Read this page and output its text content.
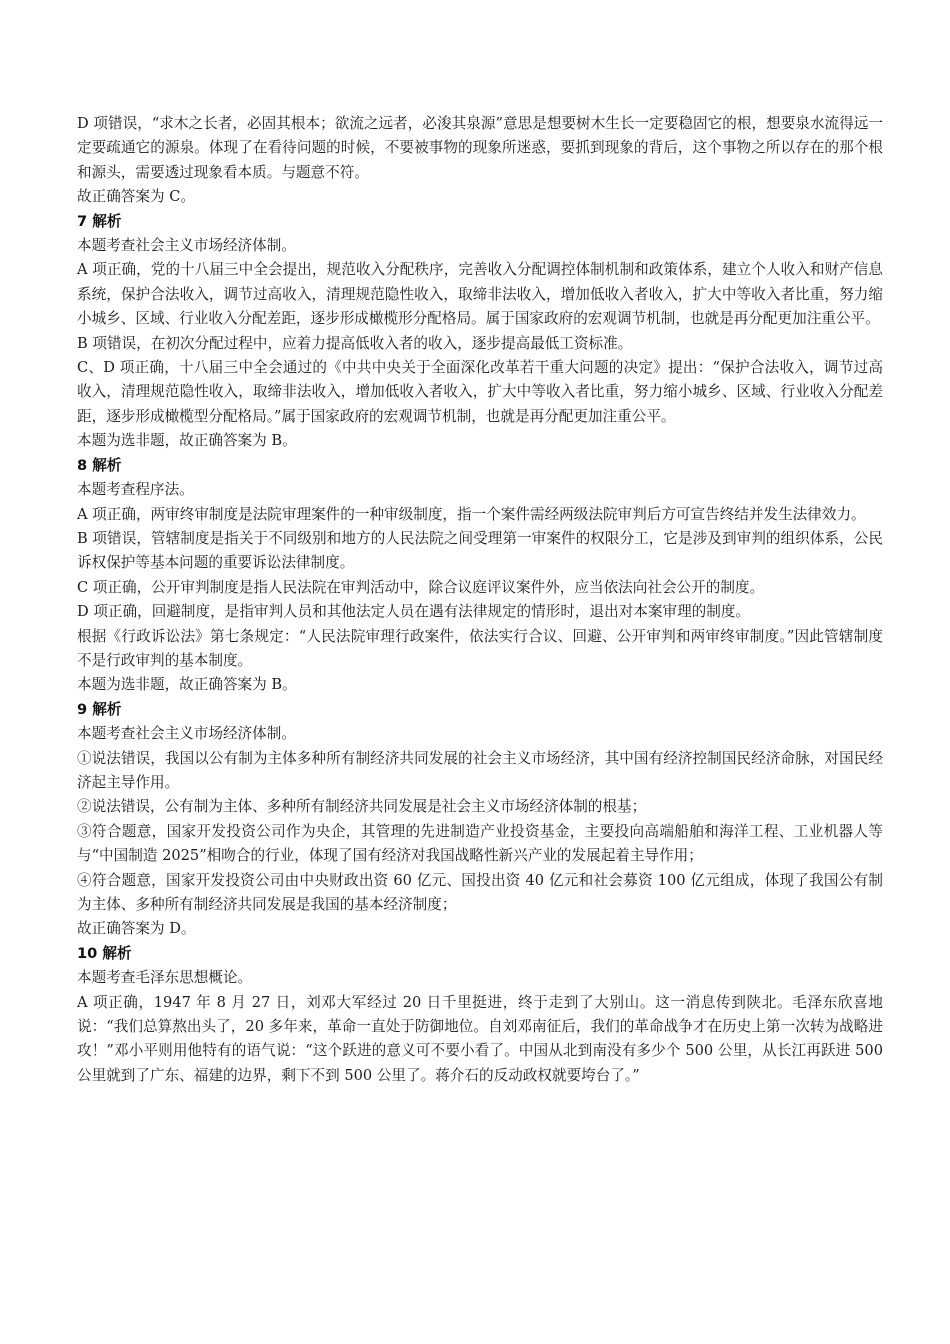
D 项错误，“求木之长者，必固其根本；欲流之远者，必浚其泉源”意思是想要树木生长一定要稳固它的根，想要泉水流得远一定要疏通它的源泉。体现了在看待问题的时候，不要被事物的现象所迷惑，要抓到现象的背后，这个事物之所以存在的那个根和源头，需要透过现象看本质。与题意不符。

故正确答案为 C。

7 解析

本题考查社会主义市场经济体制。

A 项正确，党的十八届三中全会提出，规范收入分配秩序，完善收入分配调控体制机制和政策体系，建立个人收入和财产信息系统，保护合法收入，调节过高收入，清理规范隐性收入，取缔非法收入，增加低收入者收入，扩大中等收入者比重，努力缩小城乡、区域、行业收入分配差距，逐步形成橄榄形分配格局。属于国家政府的宏观调节机制，也就是再分配更加注重公平。

B 项错误，在初次分配过程中，应着力提高低收入者的收入，逐步提高最低工资标准。

C、D 项正确，十八届三中全会通过的《中共中央关于全面深化改革若干重大问题的决定》提出：“保护合法收入，调节过高收入，清理规范隐性收入，取缔非法收入，增加低收入者收入，扩大中等收入者比重，努力缩小城乡、区域、行业收入分配差距，逐步形成橄榄型分配格局。”属于国家政府的宏观调节机制，也就是再分配更加注重公平。

本题为选非题，故正确答案为 B。

8 解析

本题考查程序法。

A 项正确，两审终审制度是法院审理案件的一种审级制度，指一个案件需经两级法院审判后方可宣告终结并发生法律效力。

B 项错误，管辖制度是指关于不同级别和地方的人民法院之间受理第一审案件的权限分工，它是涉及到审判的组织体系，公民诉权保护等基本问题的重要诉讼法律制度。

C 项正确，公开审判制度是指人民法院在审判活动中，除合议庭评议案件外，应当依法向社会公开的制度。

D 项正确，回避制度，是指审判人员和其他法定人员在遇有法律规定的情形时，退出对本案审理的制度。

根据《行政诉讼法》第七条规定：“人民法院审理行政案件，依法实行合议、回避、公开审判和两审终审制度。”因此管辖制度不是行政审判的基本制度。

本题为选非题，故正确答案为 B。

9 解析

本题考查社会主义市场经济体制。

①说法错误，我国以公有制为主体多种所有制经济共同发展的社会主义市场经济，其中国有经济控制国民经济命脉，对国民经济起主导作用。

②说法错误，公有制为主体、多种所有制经济共同发展是社会主义市场经济体制的根基；

③符合题意，国家开发投资公司作为央企，其管理的先进制造产业投资基金，主要投向高端船舶和海洋工程、工业机器人等与“中国制造 2025”相吻合的行业，体现了国有经济对我国战略性新兴产业的发展起着主导作用；

④符合题意，国家开发投资公司由中央财政出资 60 亿元、国投出资 40 亿元和社会募资 100 亿元组成，体现了我国公有制为主体、多种所有制经济共同发展是我国的基本经济制度；

故正确答案为 D。

10 解析

本题考查毛泽东思想概论。

A 项正确，1947 年 8 月 27 日，刘邓大军经过 20 日千里挺进，终于走到了大别山。这一消息传到陕北。毛泽东欣喜地说：“我们总算熬出头了，20 多年来，革命一直处于防御地位。自刘邓南征后，我们的革命战争才在历史上第一次转为战略进攻！”邓小平则用他特有的语气说：“这个跃进的意义可不要小看了。中国从北到南没有多少个 500 公里，从长江再跃进 500 公里就到了广东、福建的边界，剩下不到 500 公里了。蒋介石的反动政权就要垮台了。”
